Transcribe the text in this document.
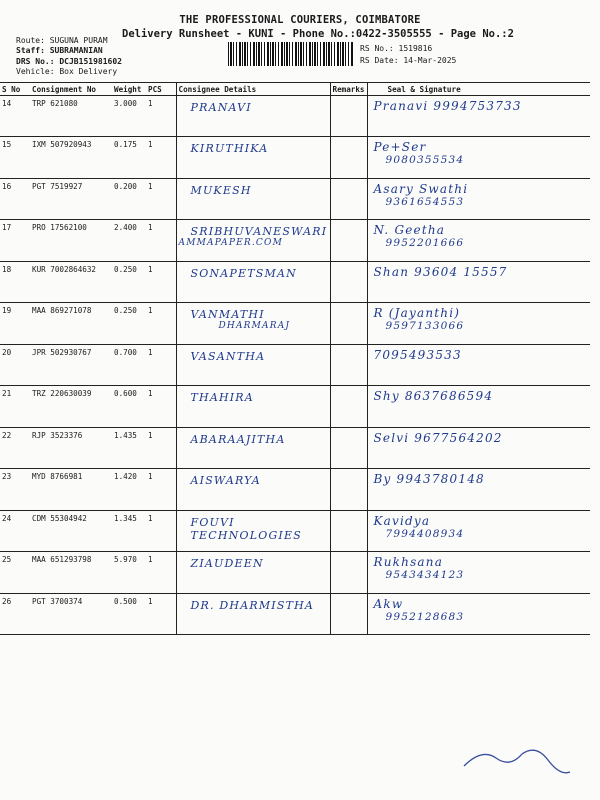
THE PROFESSIONAL COURIERS, COIMBATORE
Delivery Runsheet - KUNI - Phone No.:0422-3505555 - Page No.:2
Route: SUGUNA PURAM
Staff: SUBRAMANIAN
DRS No.: DCJB151981602
Vehicle: Box Delivery
RS No.: 1519816
RS Date: 14-Mar-2025
S No	Consignment No	Weight	PCS	Consignee Details	Remarks	Seal & Signature
14	TRP 621080	3.000	1	PRANAVI		Pranavi 9994753733

15	IXM 507920943	0.175	1	KIRUTHIKA		Pe+Ser
9080355534

16	PGT 7519927	0.200	1	MUKESH		Asary Swathi
9361654553

17	PRO 17562100	2.400	1	SRIBHUVANESWARI
AMMAPAPER.COM		N. Geetha
9952201666

18	KUR 7002864632	0.250	1	SONAPETSMAN		Shan 93604 15557

19	MAA 869271078	0.250	1	VANMATHI
DHARMARAJ		R (Jayanthi)
9597133066

20	JPR 502930767	0.700	1	VASANTHA		7095493533

21	TRZ 220630039	0.600	1	THAHIRA		Shy 8637686594

22	RJP 3523376	1.435	1	ABARAAJITHA		Selvi 9677564202

23	MYD 8766981	1.420	1	AISWARYA		By 9943780148

24	CDM 55304942	1.345	1	FOUVI TECHNOLOGIES		Kavidya
7994408934

25	MAA 651293798	5.970	1	ZIAUDEEN		Rukhsana
9543434123

26	PGT 3700374	0.500	1	DR. DHARMISTHA		Akw
9952128683
